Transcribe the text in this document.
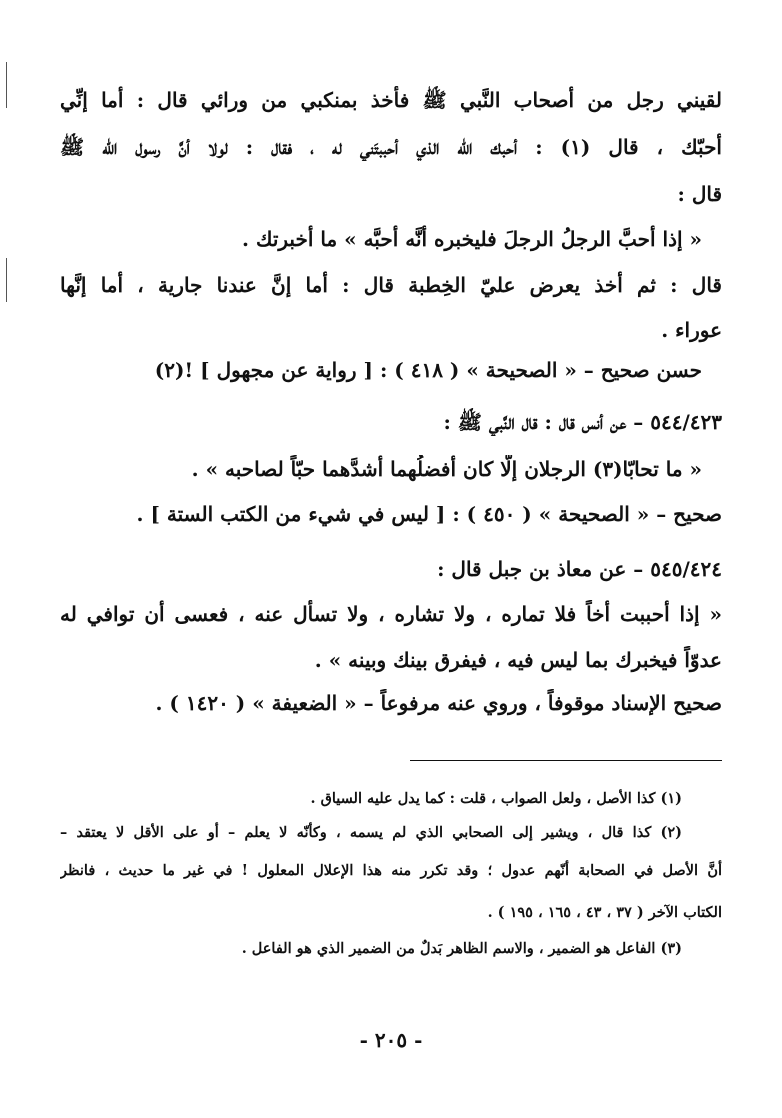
لقيني رجل من أصحاب النَّبي ﷺ فأخذ بمنكبي من ورائي قال : أما إنِّي
أحبّك ، قال (١) : أحبك اللّه الذي أحببتَني له ، فقال : لولا أنَّ رسول اللّه ﷺ
قال :
« إذا أحبَّ الرجلُ الرجلَ فليخبره أنَّه أحبَّه » ما أخبرتك .
قال : ثم أخذ يعرض عليّ الخِطبة قال : أما إنَّ عندنا جارية ، أما إنَّها
عوراء .
حسن صحيح – « الصحيحة » ( ٤١٨ ) : [ رواية عن مجهول ] !(٢)
٥٤٤/٤٢٣ – عن أنس قال : قال النَّبي ﷺ :
« ما تحابّا(٣) الرجلان إلّا كان أفضلُهما أشدَّهما حبّاً لصاحبه » .
صحيح – « الصحيحة » ( ٤٥٠ ) : [ ليس في شيء من الكتب الستة ] .
٥٤٥/٤٢٤ – عن معاذ بن جبل قال :
« إذا أحببت أخاً فلا تماره ، ولا تشاره ، ولا تسأل عنه ، فعسى أن توافي له
عدوّاً فيخبرك بما ليس فيه ، فيفرق بينك وبينه » .
صحيح الإسناد موقوفاً ، وروي عنه مرفوعاً – « الضعيفة » ( ١٤٢٠ ) .
(١) كذا الأصل ، ولعل الصواب ، قلت : كما يدل عليه السياق .
(٢) كذا قال ، ويشير إلى الصحابي الذي لم يسمه ، وكأنّه لا يعلم – أو على الأقل لا يعتقد –
أنَّ الأصل في الصحابة أنّهم عدول ؛ وقد تكرر منه هذا الإعلال المعلول ! في غير ما حديث ، فانظر
الكتاب الآخر ( ٣٧ ، ٤٣ ، ١٦٥ ، ١٩٥ ) .
(٣) الفاعل هو الضمير ، والاسم الظاهر بَدلٌ من الضمير الذي هو الفاعل .
- ٢٠٥ -
